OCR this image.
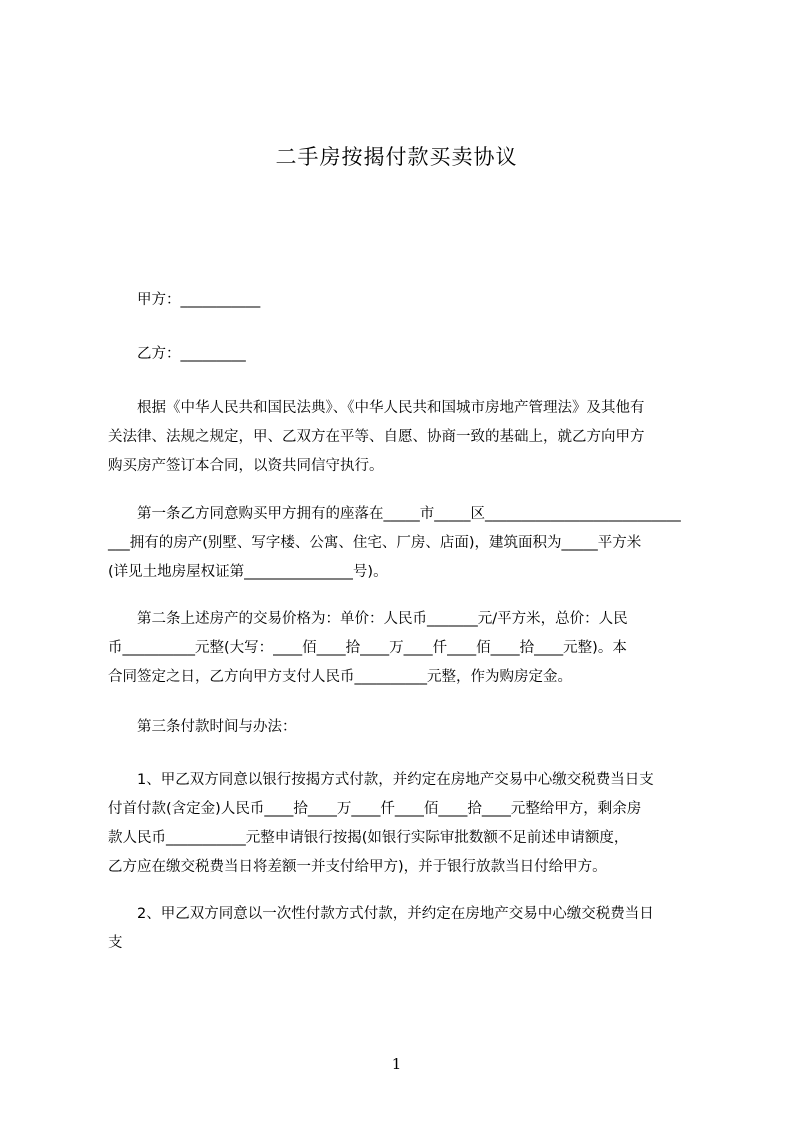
二手房按揭付款买卖协议

甲方：___________

乙方：_________

根据《中华人民共和国民法典》、《中华人民共和国城市房地产管理法》及其他有
关法律、法规之规定，甲、乙双方在平等、自愿、协商一致的基础上，就乙方向甲方
购买房产签订本合同，以资共同信守执行。
第一条乙方同意购买甲方拥有的座落在_____市_____区___________________________
___拥有的房产(别墅、写字楼、公寓、住宅、厂房、店面)，建筑面积为_____平方米
(详见土地房屋权证第_______________号)。
第二条上述房产的交易价格为：单价：人民币_______元/平方米，总价：人民
币__________元整(大写：____佰____拾____万____仟____佰____拾____元整)。本
合同签定之日，乙方向甲方支付人民币__________元整，作为购房定金。

第三条付款时间与办法：

1、甲乙双方同意以银行按揭方式付款，并约定在房地产交易中心缴交税费当日支
付首付款(含定金)人民币____拾____万____仟____佰____拾____元整给甲方，剩余房
款人民币___________元整申请银行按揭(如银行实际审批数额不足前述申请额度，
乙方应在缴交税费当日将差额一并支付给甲方)，并于银行放款当日付给甲方。
2、甲乙双方同意以一次性付款方式付款，并约定在房地产交易中心缴交税费当日
支
1
